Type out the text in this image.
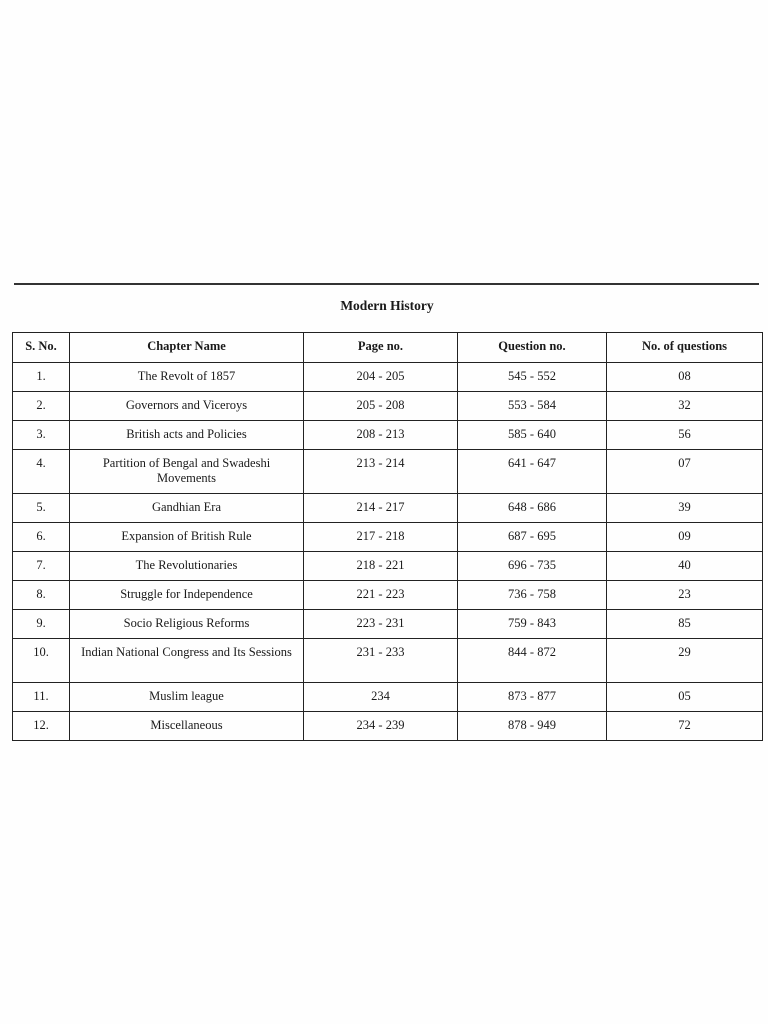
Modern History
S. No.	Chapter Name	Page no.	Question no.	No. of questions
1.	The Revolt of 1857	204 - 205	545 - 552	08
2.	Governors and Viceroys	205 - 208	553 - 584	32
3.	British acts and Policies	208 - 213	585 - 640	56
4.	Partition of Bengal and Swadeshi Movements	213 - 214	641 - 647	07
5.	Gandhian Era	214 - 217	648 - 686	39
6.	Expansion of British Rule	217 - 218	687 - 695	09
7.	The Revolutionaries	218 - 221	696 - 735	40
8.	Struggle for Independence	221 - 223	736 - 758	23
9.	Socio Religious Reforms	223 - 231	759 - 843	85
10.	Indian National Congress and Its Sessions	231 - 233	844 - 872	29
11.	Muslim league	234	873 - 877	05
12.	Miscellaneous	234 - 239	878 - 949	72
